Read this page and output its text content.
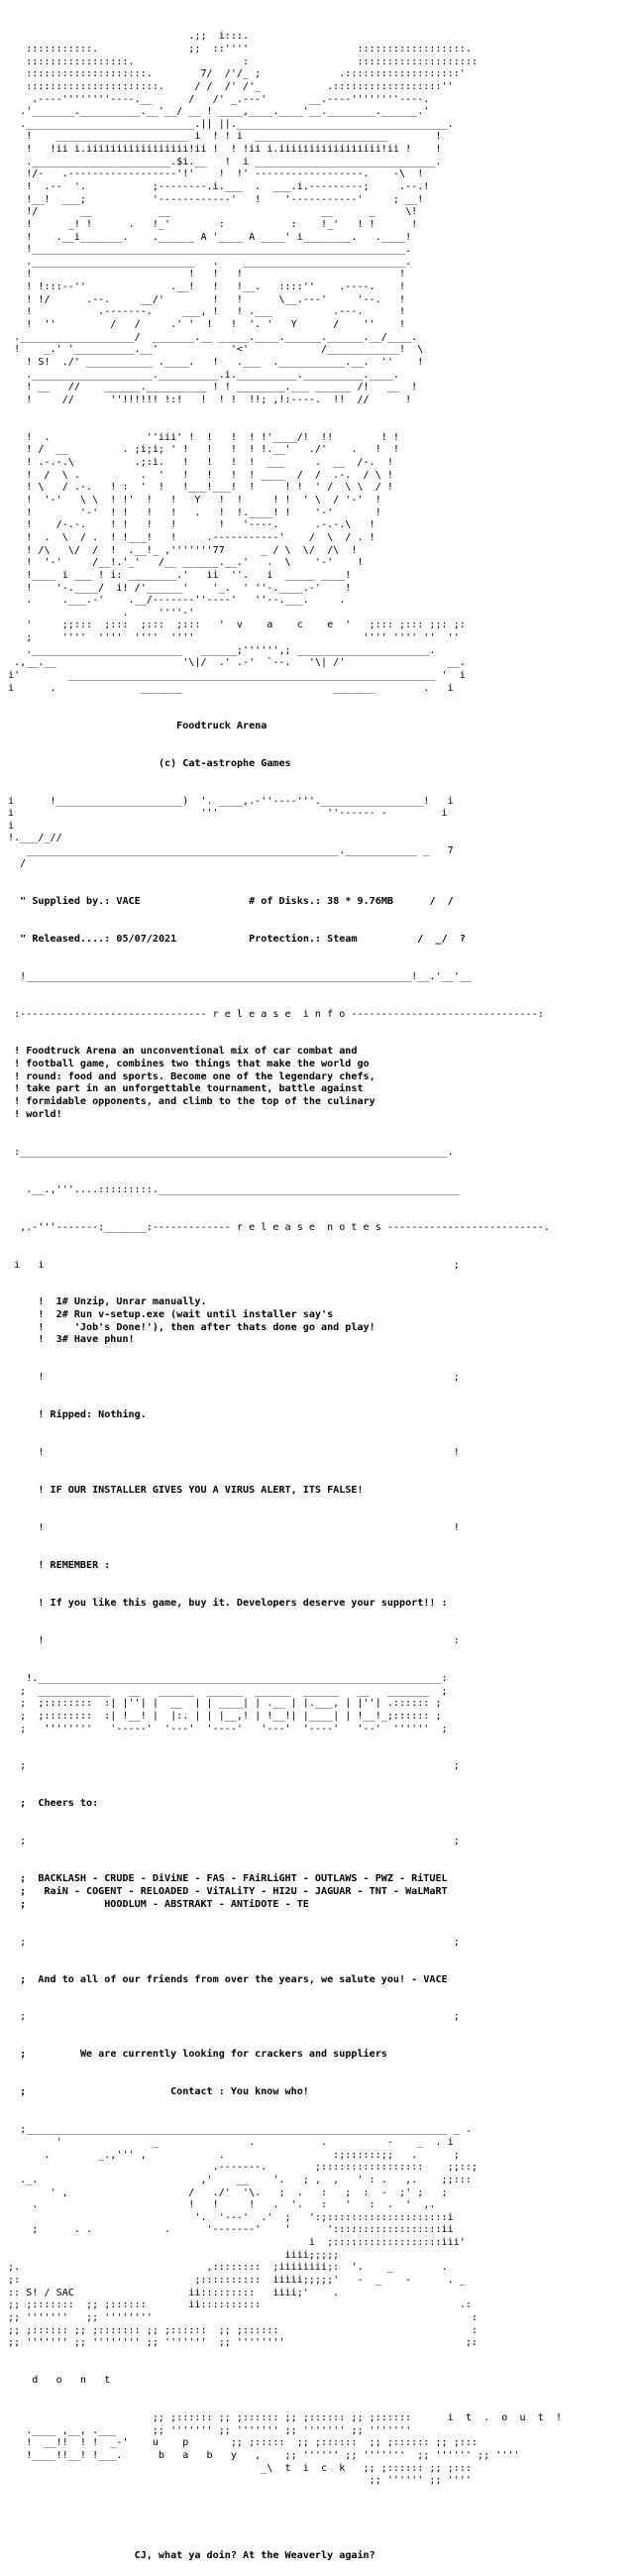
.;;  i:::.
:::::::::::.               ;;  ::''''                  ::::::::::::::::::.
:::::::::::::::::.                  :                  ::::::::::::::::::::
::::::::::::::::::::.        7/  /'/_ ;             .:::::::::::::::::::'
::::::::::::::::::::::.     / /  /' /'_           .::::::::::::::::::''
.----''''''''----.__      /   /' _.---'       __.----''''''''----.
.'_______.__________.__'__/ __ ! ____,____.____'__.________.______.'
.____________________________.|| ||.___________________________________.
!    ______________________ i  ! ! i  ______________________        !
!   !ii i.iiiiiiiiiiiiiiiii!ii !  ! !ii i.iiiiiiiiiiiiiiiii!ii !    !
._______________________.$i.__   !  i ______________________________.
!/-   .------------------'!'    !  !' ------------------.    -\  !
!  .--  '.           ;--------.i.___  .  ___.i.---------;     .--.!
!__!  ___;           '------------'   !    '-----------'     ; __!
!/       __           __                         __      _     \!
!      _! !      .   !_'        :           :    !_'   ! !      !
!    .__i_______.    .______ A '____ A ____' i________.   .____!
!______________________________________________________________.
.___________________________   .    ___________________________.
!                          !   !   !                          !
! !:::--''              .__!   !   !__.   ::::''    .----.    !
! !/      .--.     __/'        !   !      \__.---'     '--.   !
!           .-------.     ___, !   ! .___          .---.      !
!  ''         /   /     .' '  !   !  '. '   Y      /    ''    !
.___________________/  _______.__ _____.____.______.______.__/____.
!    _.' '__________.__'            '<'            /____________!  \
! S!  ./' ___________ .____.   !   .___  .___________.__.  ''    !
.____________________.__________.i.__________.__________.____.
! __   //    ______.__________ ! ! ________.___ ______ /!   __  !
!     //      ''!!!!!! !:!   !  ! !  !!; ,!:----.  !!  //      !

!  .                ''iii' !  !   !  ! !'____/!  !!        ! !
! /  __         . ;i;i; ' !   !   !  ! !.__'   ./'    .   !  !
! .-.-.\          .;:i.   !   !   !  !  ___     .  __  /-.  !
!  /  \ .          .  '   !   !   !  ! ____  /  /  .-.  / \ !
! \   / .-.   ! :  '  !   !___!___!  !     ! !  ' /  \ \  / !
!  '-'   \ \  ! !'  !   !   Y   !  !     ! !  ' \  / '-'  !
!        '-'  ! !   !   !   .   !  !.____! !    '-'       !
!    /-.-.    ! !   !   !       !   '----.      .-.-.\   !
!  .  \  / .  ! !___!   !     .-----------'    /  \  / . !
! /\   \/  /  !  .__!_ ,'''''''77      _ / \  \/  /\  !
!  '-'     /__!.'_'   /__ ______.__.'   .  \    '-'    !
!____ i ___ ! i: ________.'   ii  ''.   i  _____ ____!
!    '-.____/  i! /'______'    '_.  ' ''-.____.-'    !
.     .___.-'    .__/-------''----'   ''--.___.     .
.     ''''-'
'     ;;:::  ;:::  ;:::  ;:::   '  v    a    c    e  '   ;::: ;::: ;;: ;:
;     ''''  ''''  ''''  ''''                            '''' '''' ''  ''
._________________________   ______;'''''',; ______________________.
.,__.__                     '\|/  .' .-'  `--.   '\| /'                 __.
i'        _____________________________________________________________ '  i
i      .              _______                         _______        .   i

Foodtruck Arena

(c) Cat-astrophe Games

i      !_____________________)  '. ____,.-''----'''._________________!   i
i                               '''                  ''------ -         i
i
!.___/_//
____________________________________________________.____________ _   7
/

" Supplied by.: VACE	# of Disks.: 38 * 9.76MB      /  /

" Released....: 05/07/2021	Protection.: Steam          /  _/  ?

!________________________________________________________________!__.'__'__

:------------------------------- r e l e a s e  i n f o -------------------------------:

! Foodtruck Arena an unconventional mix of car combat and
! football game, combines two things that make the world go
! round: food and sports. Become one of the legendary chefs,
! take part in an unforgettable tournament, battle against
! formidable opponents, and climb to the top of the culinary
! world!

:_______________________________________________________________________.

.__.,'''....:::::::::.__________________________________________________

,.-'''-------:_______:------------- r e l e a s e  n o t e s --------------------------.

i   i                                                                    ;

!  1# Unzip, Unrar manually.
!  2# Run v-setup.exe (wait until installer say's
!     'Job's Done!'), then after thats done go and play!
!  3# Have phun!

!                                                                    ;

! Ripped: Nothing.

!                                                                    !

! IF OUR INSTALLER GIVES YOU A VIRUS ALERT, ITS FALSE!

!                                                                    !

! REMEMBER :

! If you like this game, buy it. Developers deserve your support!! :

!                                                                    :

!.___________________________________________________________________:
;  ____________   __   ______  ______  ______  ______   __   _______  ;
;  ;::::::::  :| |''| |  __  | | ____| | .__ | |.___, | |''| .:::::: ;
;  ;::::::::  :| !__! |  |:. | | |__,! | !__!| |____| | !__!_;:::::: ;
;   ''''''''   '-----'  '---'  '----'   '---'  '----'   '--'  ''''''  ;

;                                                                       ;

;  Cheers to:

;                                                                       ;

;  BACKLASH - CRUDE - DiViNE - FAS - FAiRLiGHT - OUTLAWS - PWZ - RiTUEL
;   RaiN - COGENT - RELOADED - ViTALiTY - HI2U - JAGUAR - TNT - WaLMaRT
;             HOODLUM - ABSTRAKT - ANTiDOTE - TE

;                                                                       ;

;  And to all of our friends from over the years, we salute you! - VACE

;                                                                       ;

;         We are currently looking for crackers and suppliers

;                        Contact : You know who!

;______________________________________________________________________ _ .
'               _               .           .          -    _  . i
.        _.,''' ,            .                  :;::::::;;   .      ;
.-------.        ;:::::::::::::::::    ;;::;
._.                           ,'    __    '.   ; ,  ,   ' : .   ,.    ;;:::
' ,                    /   ./'  '\.   ;  .   :   ;  :  -  ;' ;   ;
.                         !   !     !   .  '.   :   '   :  .  '  ,.
'.  '---'  .'  ;   ':;::::::::::::::::::::i
;      . .            .      '-------'    '      '::::::::::::::::::ii
i  ;::::::::::::::::::iii'
iiii;;;;;
;.                               ,::::::::  ;iiiiiiii;:  '.    _        .
;:                             ;::::::::::  iiiii;;;;;'   -  _    -      . _
:: S! / SAC                   ii:::::::::   iiii;'    .
;; ;:::::::  ;; ;::::::       ii::::::::::                                 .:
;; '''''''   ;; ''''''''                                                     :
;; ;:::::: ;; ;::::::: ;; ;::::::  ;; ;::::::                                :
;; ''''''' ;; '''''''' ;; '''''''  ;; ''''''''                              ;:

d   o   n   t

;; ;:::::: ;; ;:::::: ;; ;:::::: ;; ;::::::      i  t  .  o  u  t  !
.____ ,__, .___      ;; ''''''' ;; ''''''' ;; ''''''' ;; '''''''
!  __!!  ! !  _-'    u    p       ;; ;:::::  ;; ;::::::  ;; ;:::::: ;; ;:::
!____!!__! !___.      b   a   b   y   ,    ;; '''''' ;; '''''''  ;; '''''' ;; ''''
_\  t  i  c  k   ;; ;:::::: ;; ;:::
;; '''''' ;; ''''

CJ, what ya doin? At the Weaverly again?
